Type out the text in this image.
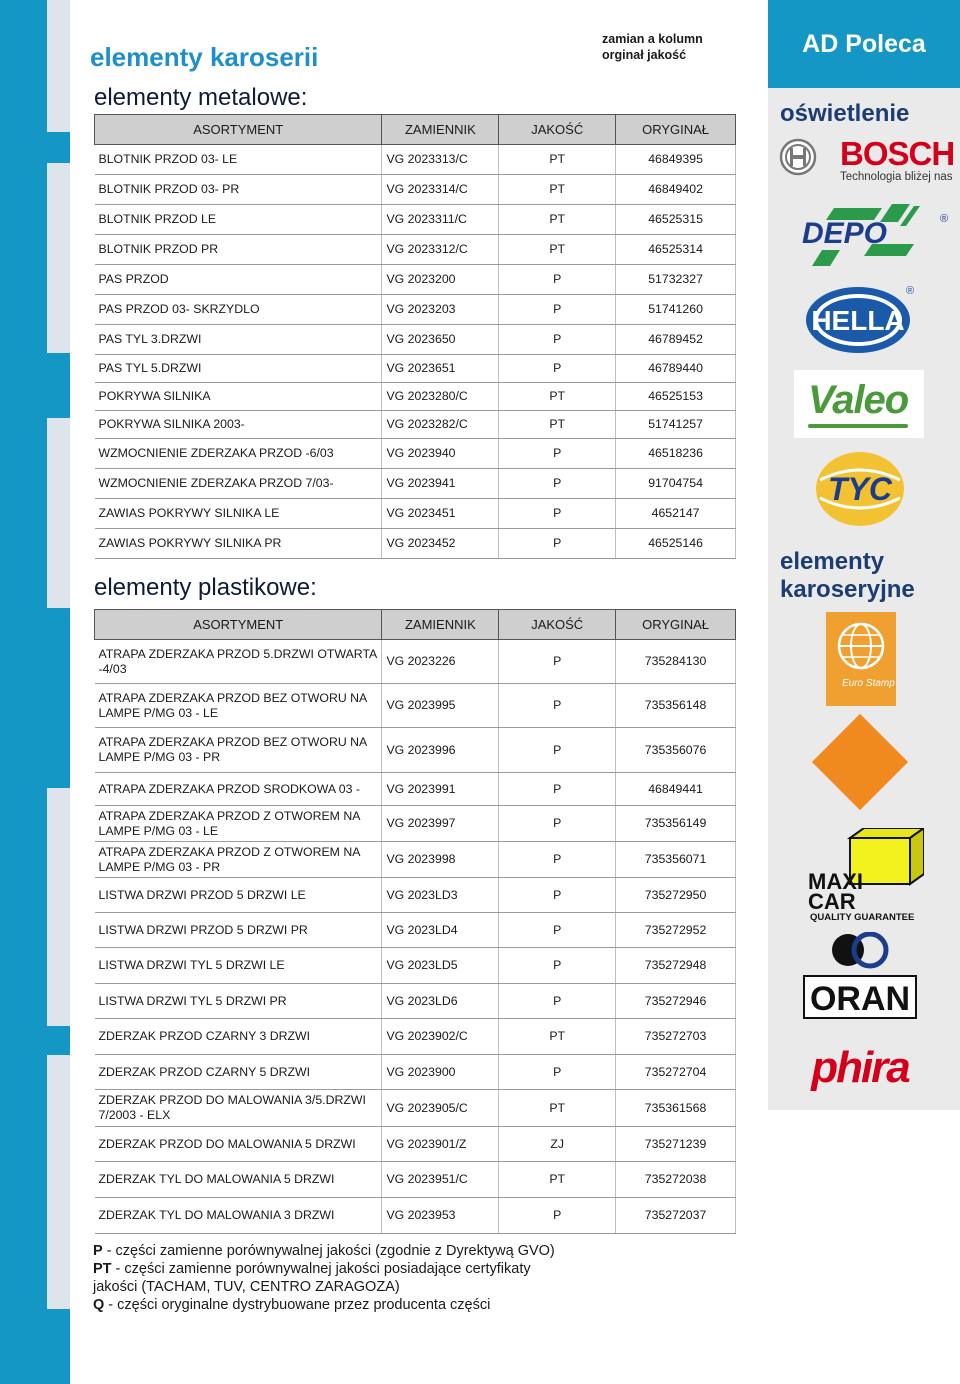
elementy karoserii
zamian a kolumn
orginał jakość
elementy metalowe:
elementy plastikowe:
ASORTYMENT	ZAMIENNIK	JAKOŚĆ	ORYGINAŁ
BLOTNIK PRZOD 03- LE	VG 2023313/C	PT	46849395
BLOTNIK PRZOD 03- PR	VG 2023314/C	PT	46849402
BLOTNIK PRZOD LE	VG 2023311/C	PT	46525315
BLOTNIK PRZOD PR	VG 2023312/C	PT	46525314
PAS PRZOD	VG 2023200	P	51732327
PAS PRZOD 03- SKRZYDLO	VG 2023203	P	51741260
PAS TYL 3.DRZWI	VG 2023650	P	46789452
PAS TYL 5.DRZWI	VG 2023651	P	46789440
POKRYWA SILNIKA	VG 2023280/C	PT	46525153
POKRYWA SILNIKA 2003-	VG 2023282/C	PT	51741257
WZMOCNIENIE ZDERZAKA PRZOD -6/03	VG 2023940	P	46518236
WZMOCNIENIE ZDERZAKA PRZOD 7/03-	VG 2023941	P	91704754
ZAWIAS POKRYWY SILNIKA LE	VG 2023451	P	4652147
ZAWIAS POKRYWY SILNIKA PR	VG 2023452	P	46525146
ASORTYMENT	ZAMIENNIK	JAKOŚĆ	ORYGINAŁ
ATRAPA ZDERZAKA PRZOD 5.DRZWI OTWARTA -4/03	VG 2023226	P	735284130
ATRAPA ZDERZAKA PRZOD BEZ OTWORU NA LAMPE P/MG 03 - LE	VG 2023995	P	735356148
ATRAPA ZDERZAKA PRZOD BEZ OTWORU NA LAMPE P/MG 03 - PR	VG 2023996	P	735356076
ATRAPA ZDERZAKA PRZOD SRODKOWA 03 -	VG 2023991	P	46849441
ATRAPA ZDERZAKA PRZOD Z OTWOREM NA LAMPE P/MG 03 - LE	VG 2023997	P	735356149
ATRAPA ZDERZAKA PRZOD Z OTWOREM NA LAMPE P/MG 03 - PR	VG 2023998	P	735356071
LISTWA DRZWI PRZOD 5 DRZWI LE	VG 2023LD3	P	735272950
LISTWA DRZWI PRZOD 5 DRZWI PR	VG 2023LD4	P	735272952
LISTWA DRZWI TYL 5 DRZWI LE	VG 2023LD5	P	735272948
LISTWA DRZWI TYL 5 DRZWI PR	VG 2023LD6	P	735272946
ZDERZAK PRZOD CZARNY 3 DRZWI	VG 2023902/C	PT	735272703
ZDERZAK PRZOD CZARNY 5 DRZWI	VG 2023900	P	735272704
ZDERZAK PRZOD DO MALOWANIA 3/5.DRZWI 7/2003 - ELX	VG 2023905/C	PT	735361568
ZDERZAK PRZOD DO MALOWANIA 5 DRZWI	VG 2023901/Z	ZJ	735271239
ZDERZAK TYL DO MALOWANIA 5 DRZWI	VG 2023951/C	PT	735272038
ZDERZAK TYL DO MALOWANIA 3 DRZWI	VG 2023953	P	735272037
P - części zamienne porównywalnej jakości (zgodnie z Dyrektywą GVO)
PT - części zamienne porównywalnej jakości posiadające certyfikaty
jakości (TACHAM, TUV, CENTRO ZARAGOZA)
Q - części oryginalne dystrybuowane przez producenta części
AD Poleca
oświetlenie
BOSCH
Technologia bliżej nas
DEPO	®
HELLA
®
Valeo
TYC
elementy
karoseryjne
Euro Stamp
MAXI CAR
QUALITY GUARANTEE
ORAN
phira
